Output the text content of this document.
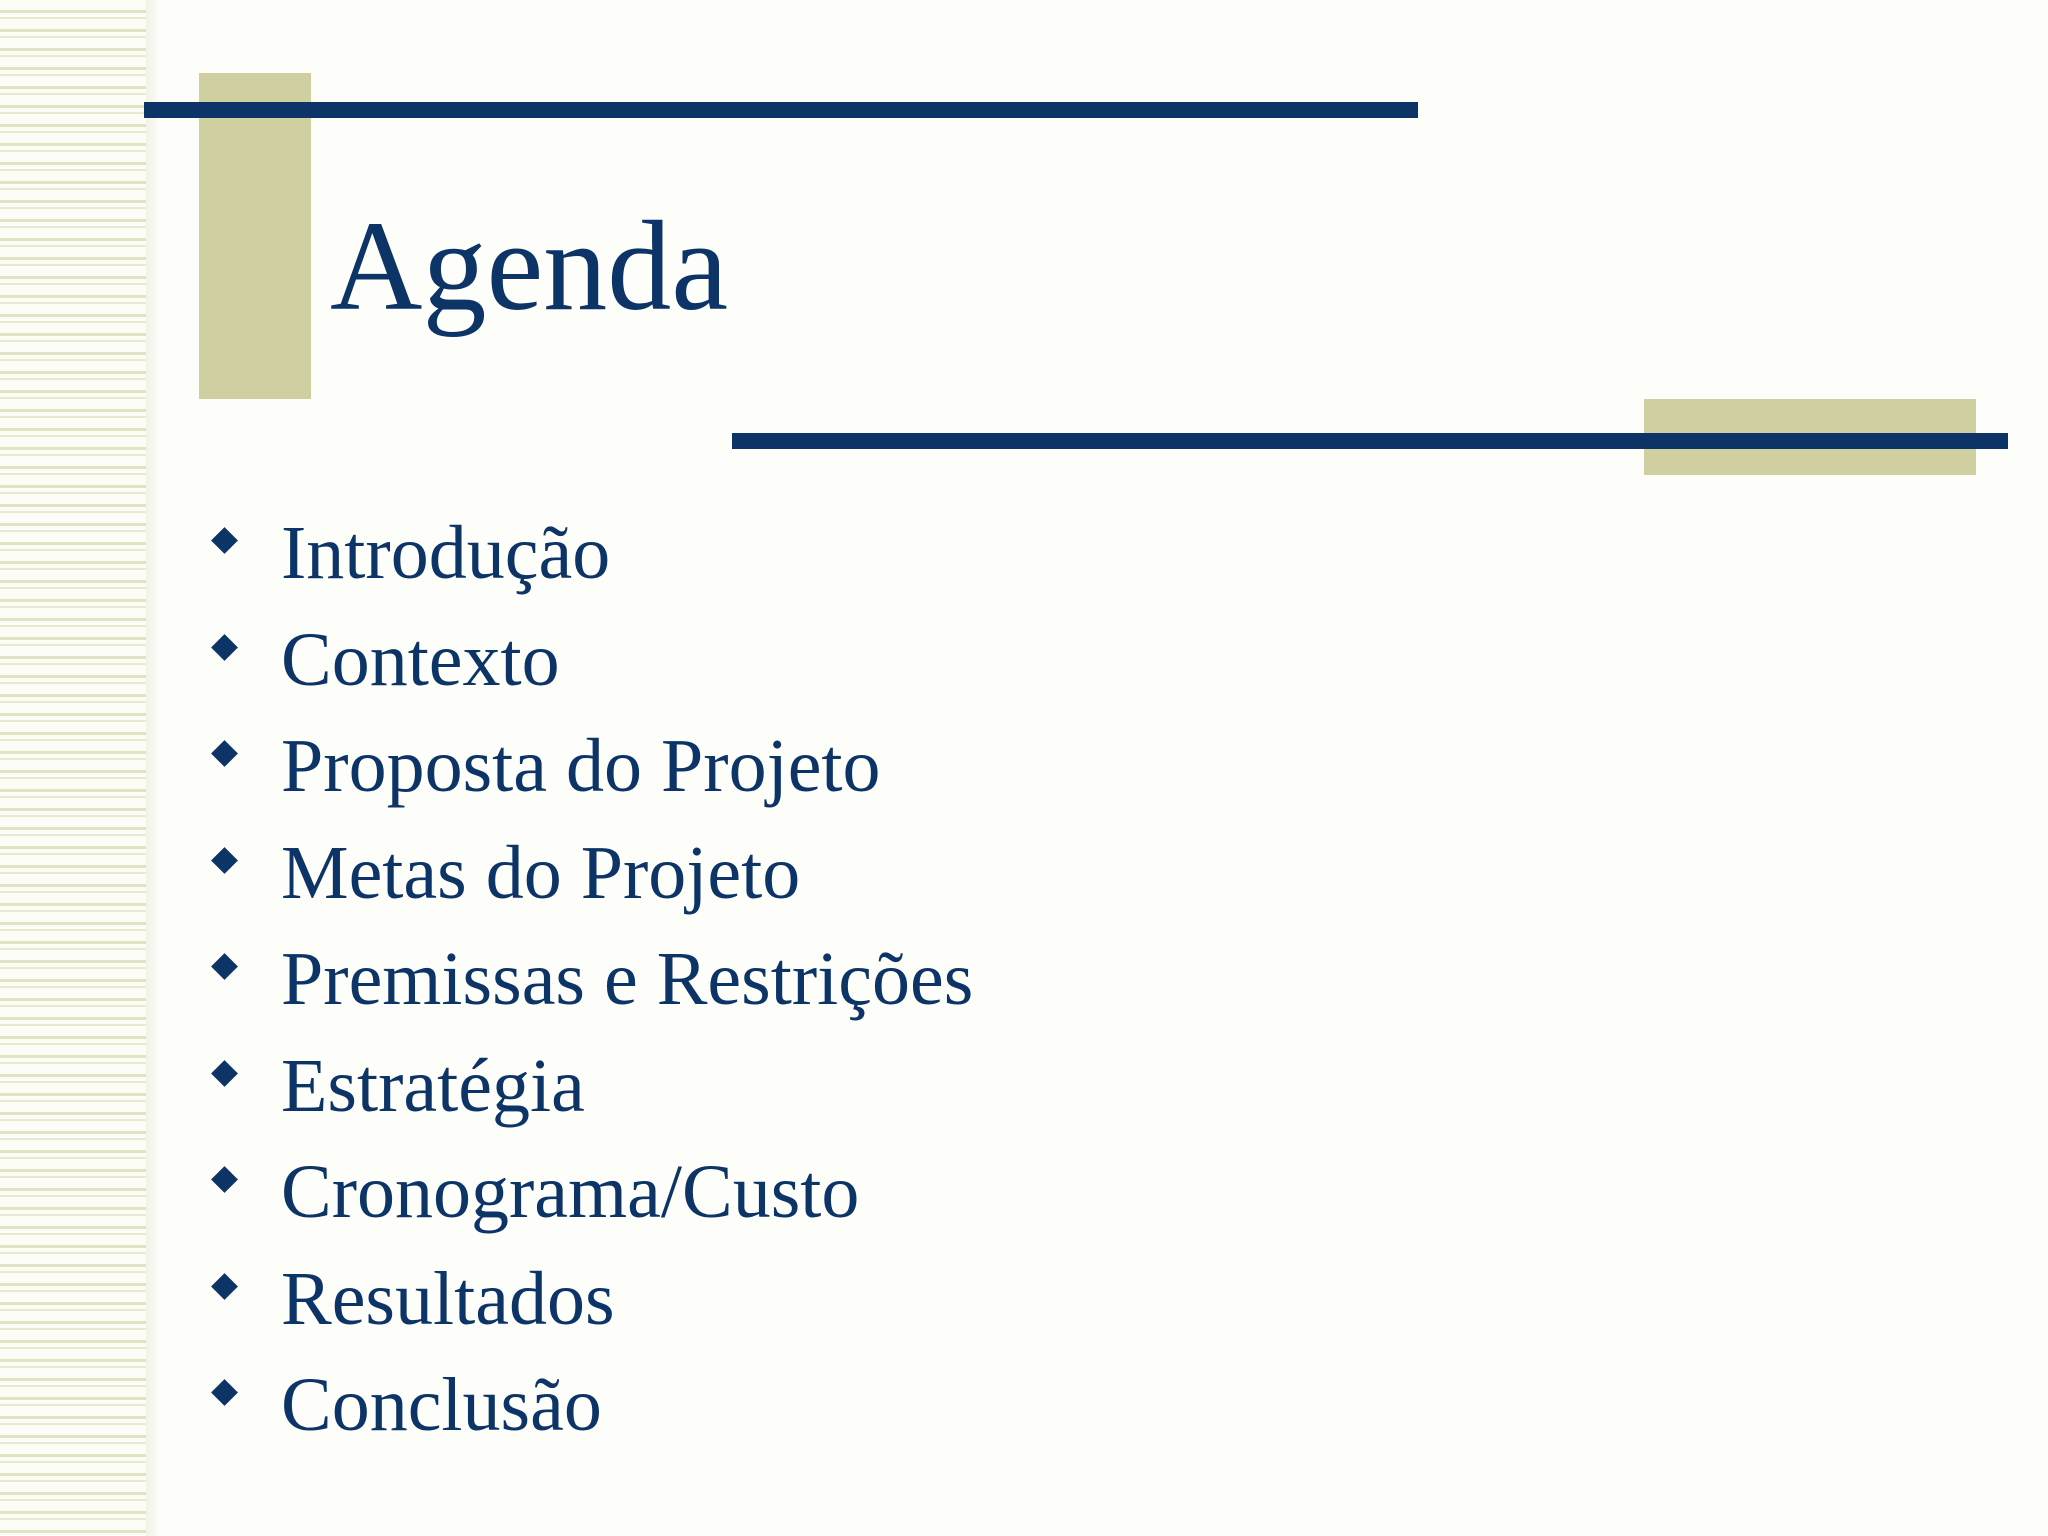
Agenda
Introdução
Contexto
Proposta do Projeto
Metas do Projeto
Premissas e Restrições
Estratégia
Cronograma/Custo
Resultados
Conclusão
